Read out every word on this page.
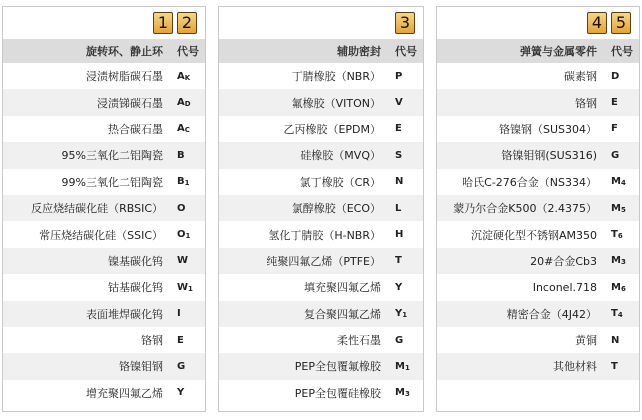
1 2
旋转环、静止环	代号
浸渍树脂碳石墨	$A_K$
浸渍锑碳石墨	$A_D$
热合碳石墨	$A_C$
95%三氧化二铝陶瓷	B
99%三氧化二铝陶瓷	$B_1$
反应烧结碳化硅（RBSIC）	O
常压烧结碳化硅（SSIC）	$O_1$
镍基碳化钨	W
钴基碳化钨	$W_1$
表面堆焊碳化钨	I
铬钢	E
铬镍钼钢	G
增充聚四氟乙烯	Y
3
辅助密封	代号
丁腈橡胶（NBR）	P
氟橡胶（VITON）	V
乙丙橡胶（EPDM）	E
硅橡胶（MVQ）	S
氯丁橡胶（CR）	N
氯醇橡胶（ECO）	L
氢化丁腈胶（H-NBR）	H
纯聚四氟乙烯（PTFE）	T
填充聚四氟乙烯	Y
复合聚四氟乙烯	$Y_1$
柔性石墨	G
PEP全包覆氟橡胶	$M_1$
PEP全包覆硅橡胶	$M_3$
4 5
弹簧与金属零件	代号
碳素钢	D
铬钢	E
铬镍钢（SUS304）	F
铬镍钼钢(SUS316)	G
哈氏C-276合金（NS334）	$M_4$
蒙乃尔合金K500（2.4375）	$M_5$
沉淀硬化型不锈钢AM350	$T_6$
20#合金Cb3	$M_3$
Inconel.718	$M_6$
精密合金（4J42）	$T_4$
黄铜	N
其他材料	T
